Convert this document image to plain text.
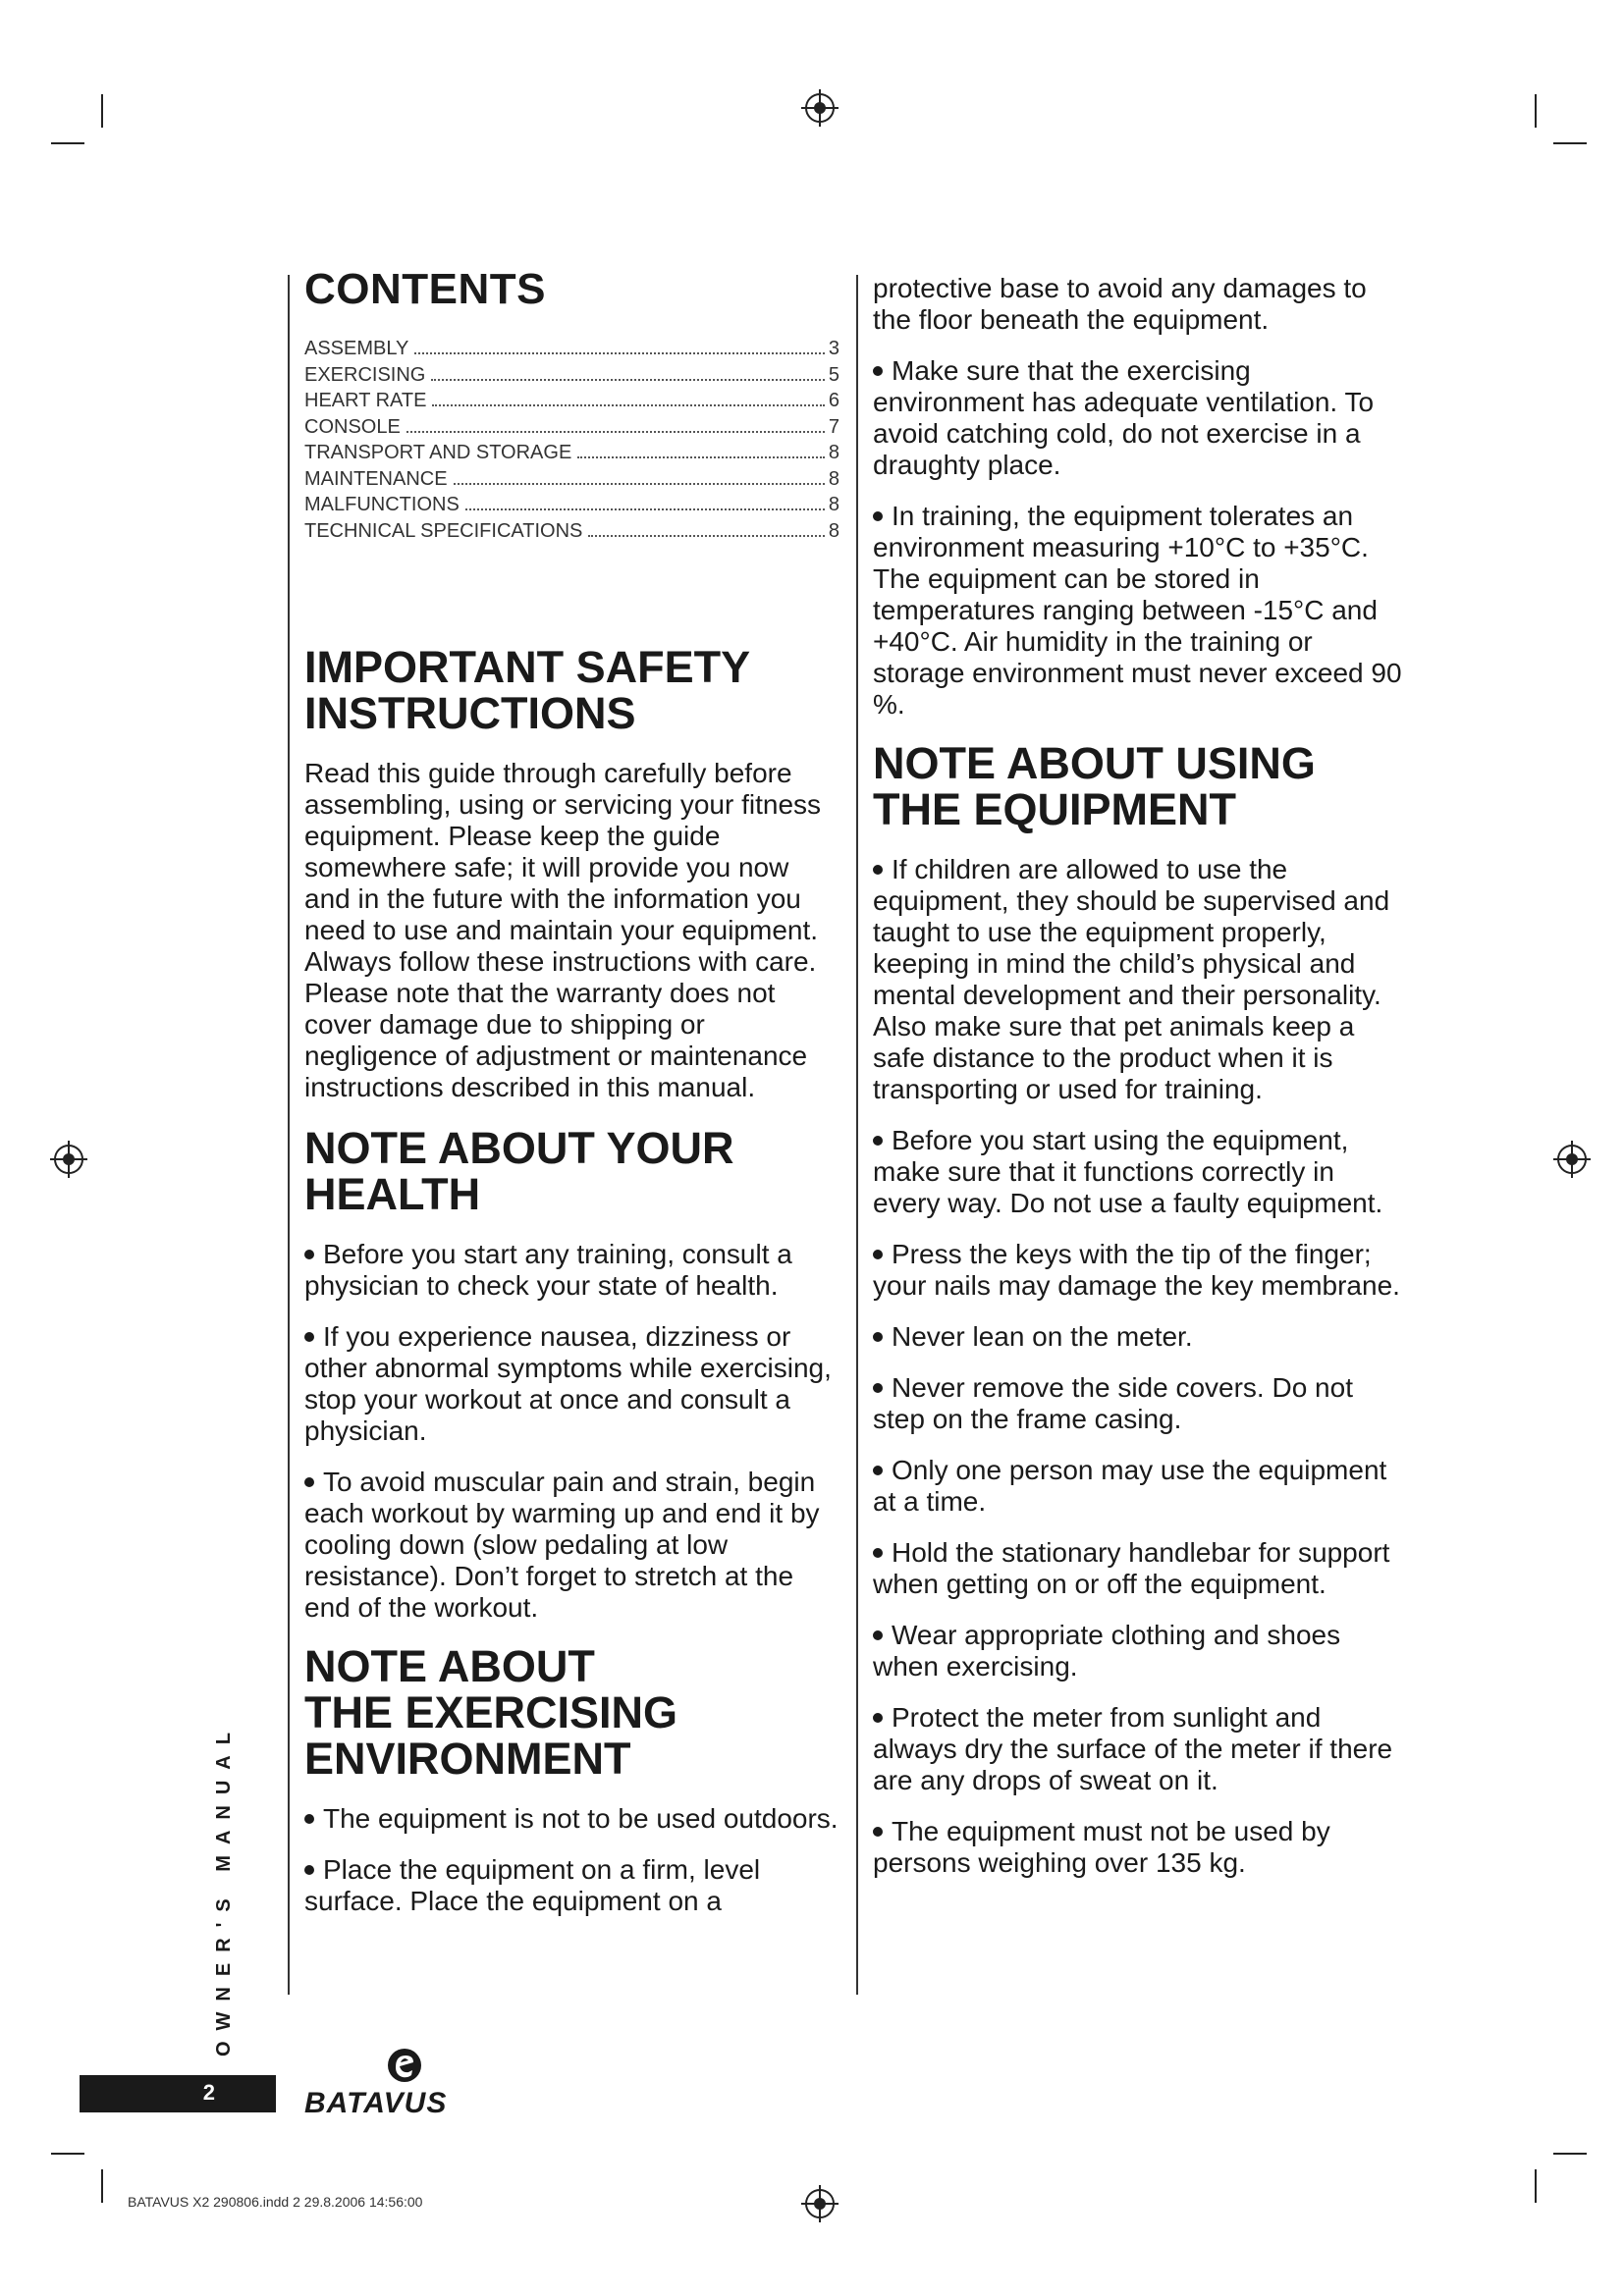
CONTENTS
ASSEMBLY	3
EXERCISING	5
HEART RATE	6
CONSOLE	7
TRANSPORT AND STORAGE	8
MAINTENANCE	8
MALFUNCTIONS	8
TECHNICAL SPECIFICATIONS	8
IMPORTANT SAFETY
INSTRUCTIONS

Read this guide through carefully before assembling, using or servicing your fitness equipment. Please keep the guide somewhere safe; it will provide you now and in the future with the information you need to use and maintain your equipment. Always follow these instructions with care. Please note that the warranty does not cover damage due to shipping or negligence of adjustment or maintenance instructions described in this manual.

NOTE ABOUT YOUR
HEALTH

Before you start any training, consult a physician to check your state of health.

If you experience nausea, dizziness or other abnormal symptoms while exercising, stop your workout at once and consult a physician.

To avoid muscular pain and strain, begin each workout by warming up and end it by cooling down (slow pedaling at low resistance). Don’t forget to stretch at the end of the workout.

NOTE ABOUT
THE EXERCISING
ENVIRONMENT

The equipment is not to be used outdoors.

Place the equipment on a firm, level surface. Place the equipment on a

protective base to avoid any damages to the floor beneath the equipment.

Make sure that the exercising environment has adequate ventilation. To avoid catching cold, do not exercise in a draughty place.

In training, the equipment tolerates an environment measuring +10°C to +35°C. The equipment can be stored in temperatures ranging between -15°C and +40°C. Air humidity in the training or storage environment must never exceed 90 %.

NOTE ABOUT USING
THE EQUIPMENT

If children are allowed to use the equipment, they should be supervised and taught to use the equipment properly, keeping in mind the child’s physical and mental development and their personality. Also make sure that pet animals keep a safe distance to the product when it is transporting or used for training.

Before you start using the equipment, make sure that it functions correctly in every way. Do not use a faulty equipment.

Press the keys with the tip of the finger; your nails may damage the key membrane.

Never lean on the meter.

Never remove the side covers. Do not step on the frame casing.

Only one person may use the equipment at a time.

Hold the stationary handlebar for support when getting on or off the equipment.

Wear appropriate clothing and shoes when exercising.

Protect the meter from sunlight and always dry the surface of the meter if there are any drops of sweat on it.

The equipment must not be used by persons weighing over 135 kg.

OWNER'S MANUAL
2	BATAVUS
BATAVUS X2 290806.indd 2 29.8.2006 14:56:00
